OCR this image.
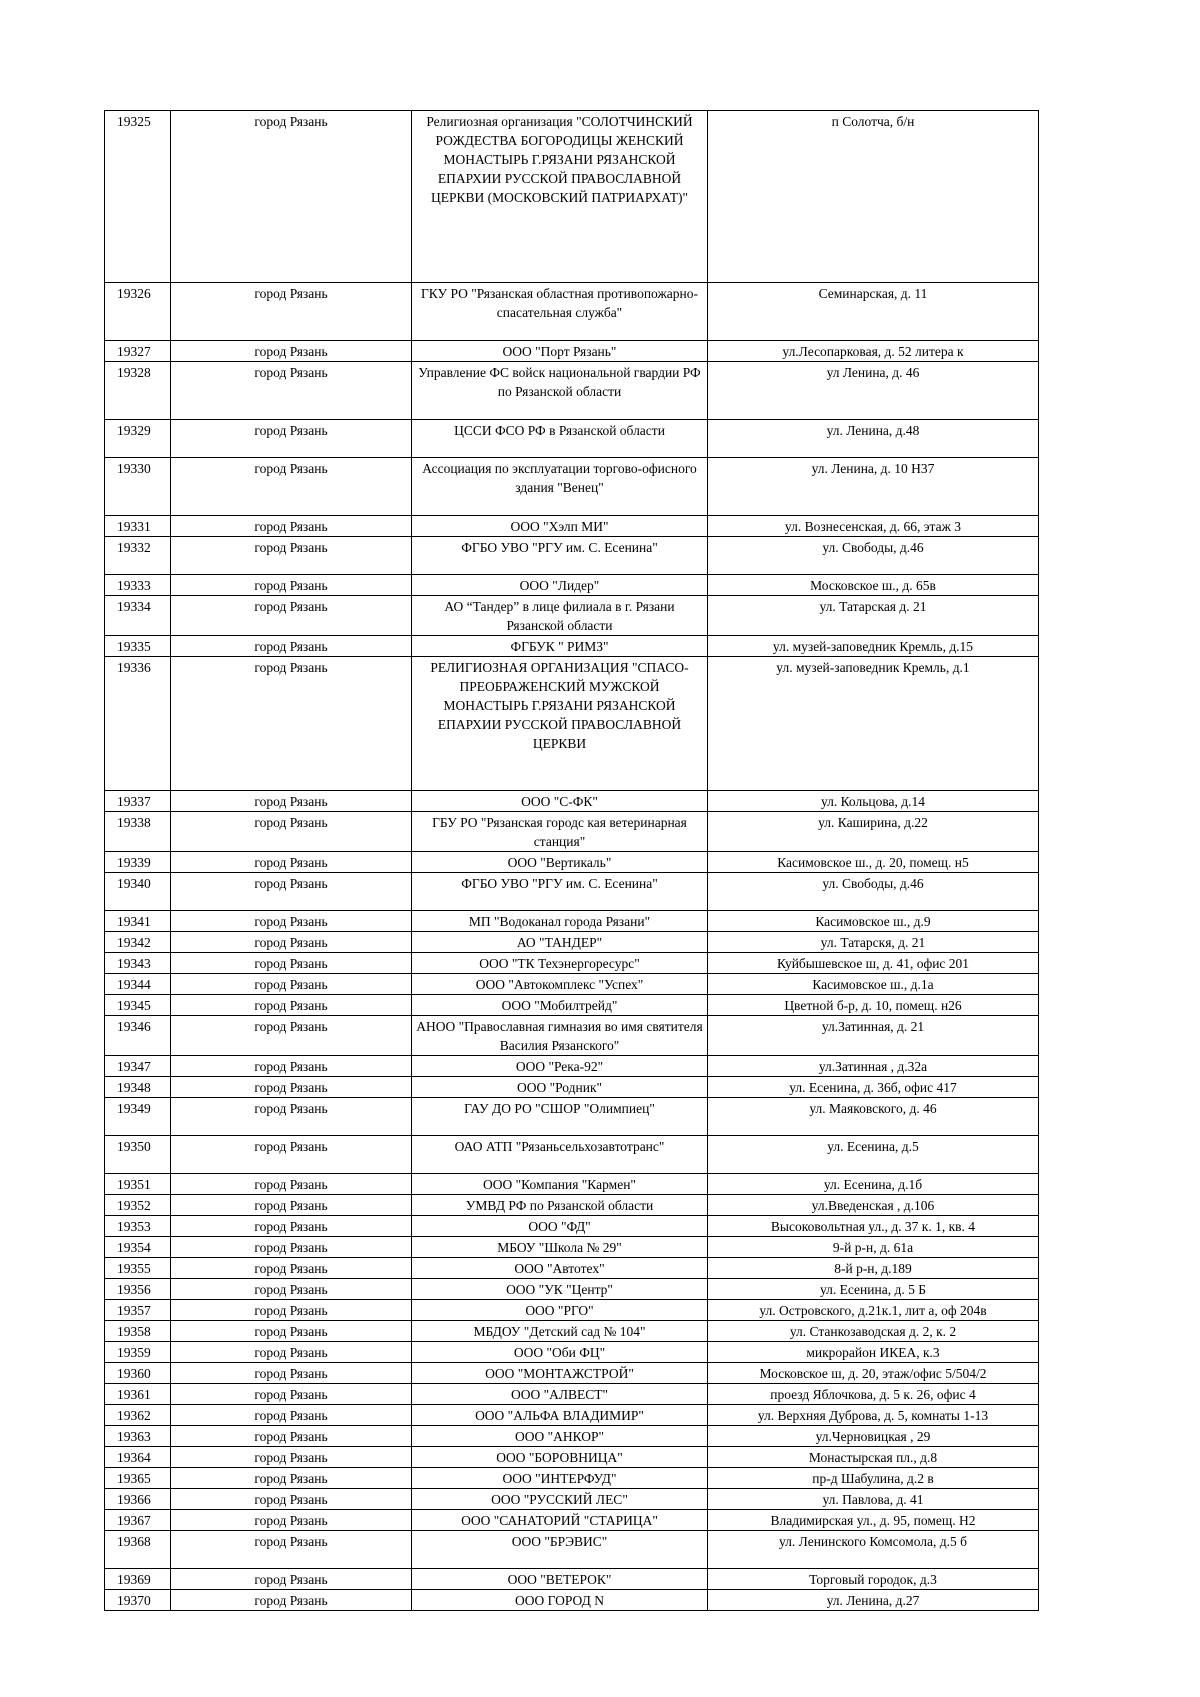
19325	город Рязань	Религиозная организация "СОЛОТЧИНСКИЙ РОЖДЕСТВА БОГОРОДИЦЫ ЖЕНСКИЙ МОНАСТЫРЬ Г.РЯЗАНИ РЯЗАНСКОЙ ЕПАРХИИ РУССКОЙ ПРАВОСЛАВНОЙ ЦЕРКВИ (МОСКОВСКИЙ ПАТРИАРХАТ)"	п Солотча, б/н
19326	город Рязань	ГКУ РО "Рязанская областная противопожарно-спасательная служба"	Семинарская, д. 11
19327	город Рязань	ООО "Порт Рязань"	ул.Лесопарковая, д. 52 литера к
19328	город Рязань	Управление ФС войск национальной гвардии РФ по Рязанской области	ул Ленина, д. 46
19329	город Рязань	ЦССИ ФСО РФ в Рязанской области	ул. Ленина, д.48
19330	город Рязань	Ассоциация по эксплуатации торгово-офисного здания "Венец"	ул. Ленина, д. 10 Н37
19331	город Рязань	ООО "Хэлп МИ"	ул. Вознесенская, д. 66, этаж 3
19332	город Рязань	ФГБО УВО "РГУ им. С. Есенина"	ул. Свободы, д.46
19333	город Рязань	ООО "Лидер"	Московское ш., д. 65в
19334	город Рязань	АО “Тандер” в лице филиала в г. Рязани Рязанской области	ул. Татарская д. 21
19335	город Рязань	ФГБУК " РИМЗ"	ул. музей-заповедник Кремль, д.15
19336	город Рязань	РЕЛИГИОЗНАЯ ОРГАНИЗАЦИЯ "СПАСО-ПРЕОБРАЖЕНСКИЙ МУЖСКОЙ МОНАСТЫРЬ Г.РЯЗАНИ РЯЗАНСКОЙ ЕПАРХИИ РУССКОЙ ПРАВОСЛАВНОЙ ЦЕРКВИ	ул. музей-заповедник Кремль, д.1
19337	город Рязань	ООО "С-ФК"	ул. Кольцова, д.14
19338	город Рязань	ГБУ РО "Рязанская городс кая ветеринарная станция"	ул. Каширина, д.22
19339	город Рязань	ООО "Вертикаль"	Касимовское ш., д. 20, помещ. н5
19340	город Рязань	ФГБО УВО "РГУ им. С. Есенина"	ул. Свободы, д.46
19341	город Рязань	МП "Водоканал города Рязани"	Касимовское ш., д.9
19342	город Рязань	АО "ТАНДЕР"	ул. Татарскя, д. 21
19343	город Рязань	ООО "ТК Техэнергоресурс"	Куйбышевское ш, д. 41, офис 201
19344	город Рязань	ООО "Автокомплекс "Успех"	Касимовское ш., д.1а
19345	город Рязань	ООО "Мобилтрейд"	Цветной б-р, д. 10, помещ. н26
19346	город Рязань	АНОО "Православная гимназия во имя святителя Василия Рязанского"	ул.Затинная, д. 21
19347	город Рязань	ООО "Река-92"	ул.Затинная , д.32а
19348	город Рязань	ООО "Родник"	ул. Есенина, д. 36б, офис 417
19349	город Рязань	ГАУ ДО РО "СШОР "Олимпиец"	ул. Маяковского, д. 46
19350	город Рязань	ОАО АТП "Рязаньсельхозавтотранс"	ул. Есенина, д.5
19351	город Рязань	ООО "Компания "Кармен"	ул. Есенина, д.1б
19352	город Рязань	УМВД РФ по Рязанской области	ул.Введенская , д.106
19353	город Рязань	ООО "ФД"	Высоковольтная ул., д. 37 к. 1, кв. 4
19354	город Рязань	МБОУ "Школа № 29"	9-й р-н, д. 61а
19355	город Рязань	ООО "Автотех"	8-й р-н, д.189
19356	город Рязань	ООО "УК "Центр"	ул. Есенина, д. 5 Б
19357	город Рязань	ООО "РГО"	ул. Островского, д.21к.1, лит а, оф 204в
19358	город Рязань	МБДОУ "Детский сад № 104"	ул. Станкозаводская д. 2, к. 2
19359	город Рязань	ООО "Оби ФЦ"	микрорайон ИКЕА, к.3
19360	город Рязань	ООО "МОНТАЖСТРОЙ"	Московское ш, д. 20, этаж/офис 5/504/2
19361	город Рязань	ООО "АЛВЕСТ"	проезд Яблочкова, д. 5 к. 26, офис 4
19362	город Рязань	ООО "АЛЬФА ВЛАДИМИР"	ул. Верхняя Дуброва, д. 5, комнаты 1-13
19363	город Рязань	ООО "АНКОР"	ул.Черновицкая , 29
19364	город Рязань	ООО "БОРОВНИЦА"	Монастырская пл., д.8
19365	город Рязань	ООО "ИНТЕРФУД"	пр-д Шабулина, д.2 в
19366	город Рязань	ООО "РУССКИЙ ЛЕС"	ул. Павлова, д. 41
19367	город Рязань	ООО "САНАТОРИЙ "СТАРИЦА"	Владимирская ул., д. 95, помещ. Н2
19368	город Рязань	ООО "БРЭВИС"	ул. Ленинского Комсомола, д.5 б
19369	город Рязань	ООО "ВЕТЕРОК"	Торговый городок, д.3
19370	город Рязань	ООО ГОРОД N	ул. Ленина, д.27
